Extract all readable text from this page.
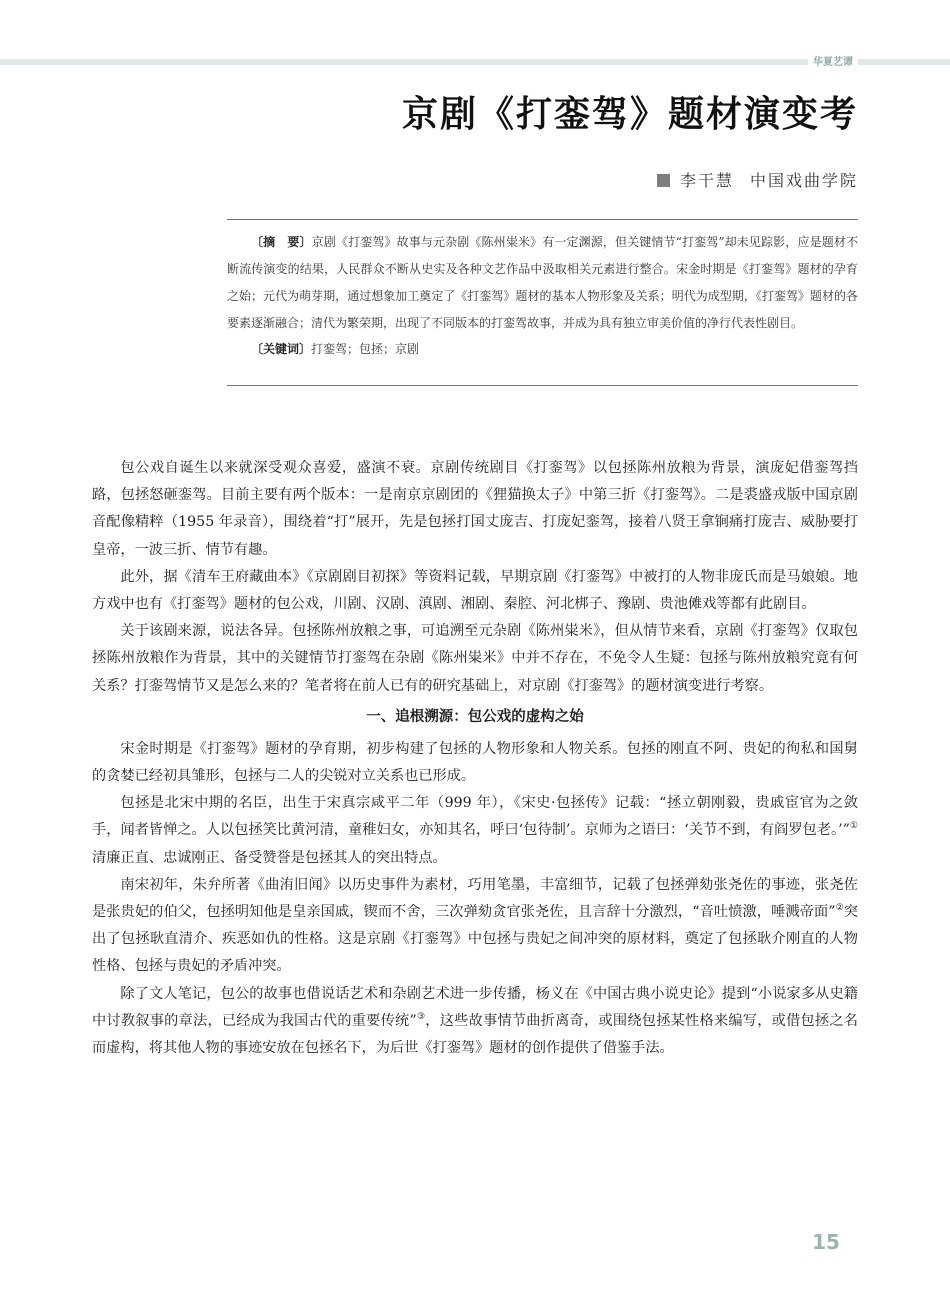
华夏艺谭
京剧《打銮驾》题材演变考
李干慧 中国戏曲学院

〔摘　要〕京剧《打銮驾》故事与元杂剧《陈州粜米》有一定渊源，但关键情节“打銮驾”却未见踪影，应是题材不断流传演变的结果，人民群众不断从史实及各种文艺作品中汲取相关元素进行整合。宋金时期是《打銮驾》题材的孕育之始；元代为萌芽期，通过想象加工奠定了《打銮驾》题材的基本人物形象及关系；明代为成型期，《打銮驾》题材的各要素逐渐融合；清代为繁荣期，出现了不同版本的打銮驾故事，并成为具有独立审美价值的净行代表性剧目。

〔关键词〕打銮驾；包拯；京剧

包公戏自诞生以来就深受观众喜爱，盛演不衰。京剧传统剧目《打銮驾》以包拯陈州放粮为背景，演庞妃借銮驾挡路，包拯怒砸銮驾。目前主要有两个版本：一是南京京剧团的《狸猫换太子》中第三折《打銮驾》。二是裘盛戎版中国京剧音配像精粹（1955 年录音），围绕着“打”展开，先是包拯打国丈庞吉、打庞妃銮驾，接着八贤王拿锏痛打庞吉、威胁要打皇帝，一波三折、情节有趣。

此外，据《清车王府藏曲本》《京剧剧目初探》等资料记载，早期京剧《打銮驾》中被打的人物非庞氏而是马娘娘。地方戏中也有《打銮驾》题材的包公戏，川剧、汉剧、滇剧、湘剧、秦腔、河北梆子、豫剧、贵池傩戏等都有此剧目。

关于该剧来源，说法各异。包拯陈州放粮之事，可追溯至元杂剧《陈州粜米》，但从情节来看，京剧《打銮驾》仅取包拯陈州放粮作为背景，其中的关键情节打銮驾在杂剧《陈州粜米》中并不存在，不免令人生疑：包拯与陈州放粮究竟有何关系？打銮驾情节又是怎么来的？笔者将在前人已有的研究基础上，对京剧《打銮驾》的题材演变进行考察。

一、追根溯源：包公戏的虚构之始

宋金时期是《打銮驾》题材的孕育期，初步构建了包拯的人物形象和人物关系。包拯的刚直不阿、贵妃的徇私和国舅的贪婪已经初具雏形，包拯与二人的尖锐对立关系也已形成。

包拯是北宋中期的名臣，出生于宋真宗咸平二年（999 年），《宋史·包拯传》记载：“拯立朝刚毅，贵戚宦官为之敛手，闻者皆惮之。人以包拯笑比黄河清，童稚妇女，亦知其名，呼曰‘包待制’。京师为之语曰：‘关节不到，有阎罗包老。’”①清廉正直、忠诚刚正、备受赞誉是包拯其人的突出特点。

南宋初年，朱弁所著《曲洧旧闻》以历史事件为素材，巧用笔墨，丰富细节，记载了包拯弹劾张尧佐的事迹，张尧佐是张贵妃的伯父，包拯明知他是皇亲国戚，锲而不舍，三次弹劾贪官张尧佐，且言辞十分激烈，“音吐愤激，唾溅帝面”②突出了包拯耿直清介、疾恶如仇的性格。这是京剧《打銮驾》中包拯与贵妃之间冲突的原材料，奠定了包拯耿介刚直的人物性格、包拯与贵妃的矛盾冲突。

除了文人笔记，包公的故事也借说话艺术和杂剧艺术进一步传播，杨义在《中国古典小说史论》提到“小说家多从史籍中讨教叙事的章法，已经成为我国古代的重要传统”③，这些故事情节曲折离奇，或围绕包拯某性格来编写，或借包拯之名而虚构，将其他人物的事迹安放在包拯名下，为后世《打銮驾》题材的创作提供了借鉴手法。

15
